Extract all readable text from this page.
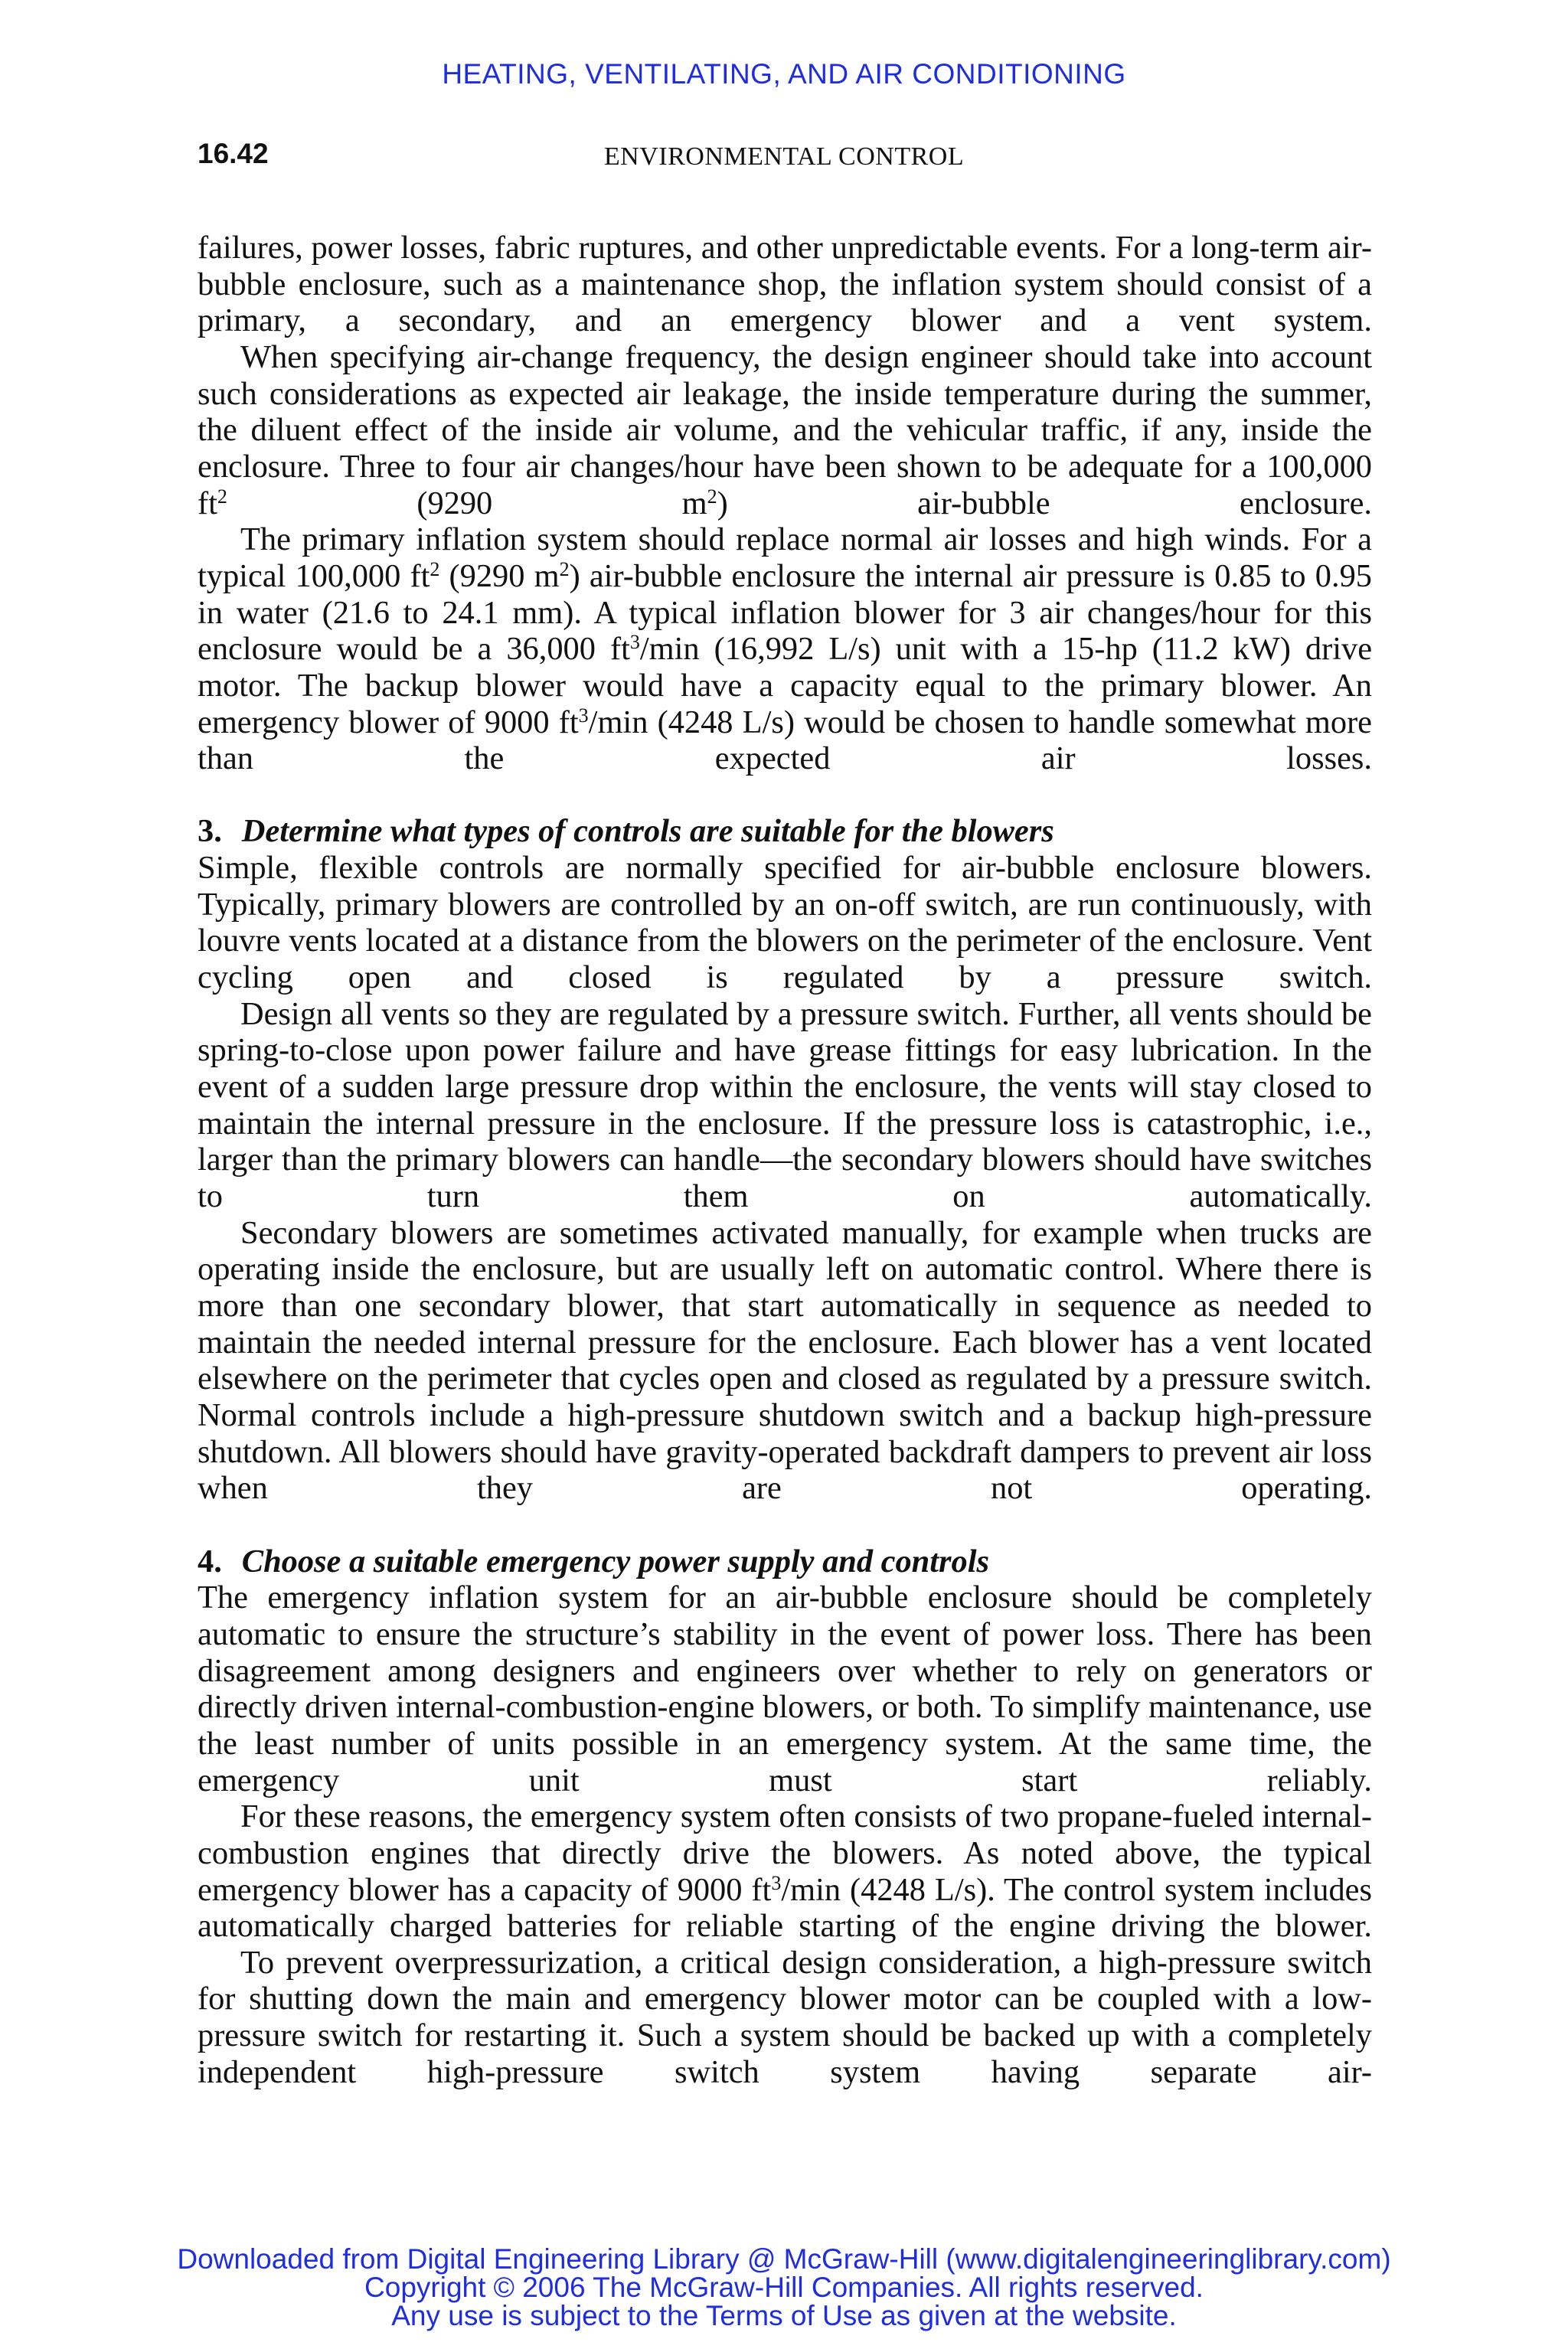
HEATING, VENTILATING, AND AIR CONDITIONING
16.42	ENVIRONMENTAL CONTROL

failures, power losses, fabric ruptures, and other unpredictable events. For a long-term air-bubble enclosure, such as a maintenance shop, the inflation system should consist of a primary, a secondary, and an emergency blower and a vent system.

When specifying air-change frequency, the design engineer should take into account such considerations as expected air leakage, the inside temperature during the summer, the diluent effect of the inside air volume, and the vehicular traffic, if any, inside the enclosure. Three to four air changes/hour have been shown to be adequate for a 100,000 $ft^2$ (9290 $m^2$) air-bubble enclosure.

The primary inflation system should replace normal air losses and high winds. For a typical 100,000 $ft^2$ (9290 $m^2$) air-bubble enclosure the internal air pressure is 0.85 to 0.95 in water (21.6 to 24.1 mm). A typical inflation blower for 3 air changes/hour for this enclosure would be a 36,000 $ft^3/\min$ (16,992 L/s) unit with a 15-hp (11.2 kW) drive motor. The backup blower would have a capacity equal to the primary blower. An emergency blower of 9000 $ft^3/\min$ (4248 L/s) would be chosen to handle somewhat more than the expected air losses.

3. Determine what types of controls are suitable for the blowers

Simple, flexible controls are normally specified for air-bubble enclosure blowers. Typically, primary blowers are controlled by an on-off switch, are run continuously, with louvre vents located at a distance from the blowers on the perimeter of the enclosure. Vent cycling open and closed is regulated by a pressure switch.

Design all vents so they are regulated by a pressure switch. Further, all vents should be spring-to-close upon power failure and have grease fittings for easy lubrication. In the event of a sudden large pressure drop within the enclosure, the vents will stay closed to maintain the internal pressure in the enclosure. If the pressure loss is catastrophic, i.e., larger than the primary blowers can handle—the secondary blowers should have switches to turn them on automatically.

Secondary blowers are sometimes activated manually, for example when trucks are operating inside the enclosure, but are usually left on automatic control. Where there is more than one secondary blower, that start automatically in sequence as needed to maintain the needed internal pressure for the enclosure. Each blower has a vent located elsewhere on the perimeter that cycles open and closed as regulated by a pressure switch. Normal controls include a high-pressure shutdown switch and a backup high-pressure shutdown. All blowers should have gravity-operated backdraft dampers to prevent air loss when they are not operating.

4. Choose a suitable emergency power supply and controls

The emergency inflation system for an air-bubble enclosure should be completely automatic to ensure the structure’s stability in the event of power loss. There has been disagreement among designers and engineers over whether to rely on generators or directly driven internal-combustion-engine blowers, or both. To simplify maintenance, use the least number of units possible in an emergency system. At the same time, the emergency unit must start reliably.

For these reasons, the emergency system often consists of two propane-fueled internal-combustion engines that directly drive the blowers. As noted above, the typical emergency blower has a capacity of 9000 $ft^3/\min$ (4248 L/s). The control system includes automatically charged batteries for reliable starting of the engine driving the blower.

To prevent overpressurization, a critical design consideration, a high-pressure switch for shutting down the main and emergency blower motor can be coupled with a low-pressure switch for restarting it. Such a system should be backed up with a completely independent high-pressure switch system having separate air-

Downloaded from Digital Engineering Library @ McGraw-Hill (www.digitalengineeringlibrary.com)
Copyright © 2006 The McGraw-Hill Companies. All rights reserved.
Any use is subject to the Terms of Use as given at the website.
